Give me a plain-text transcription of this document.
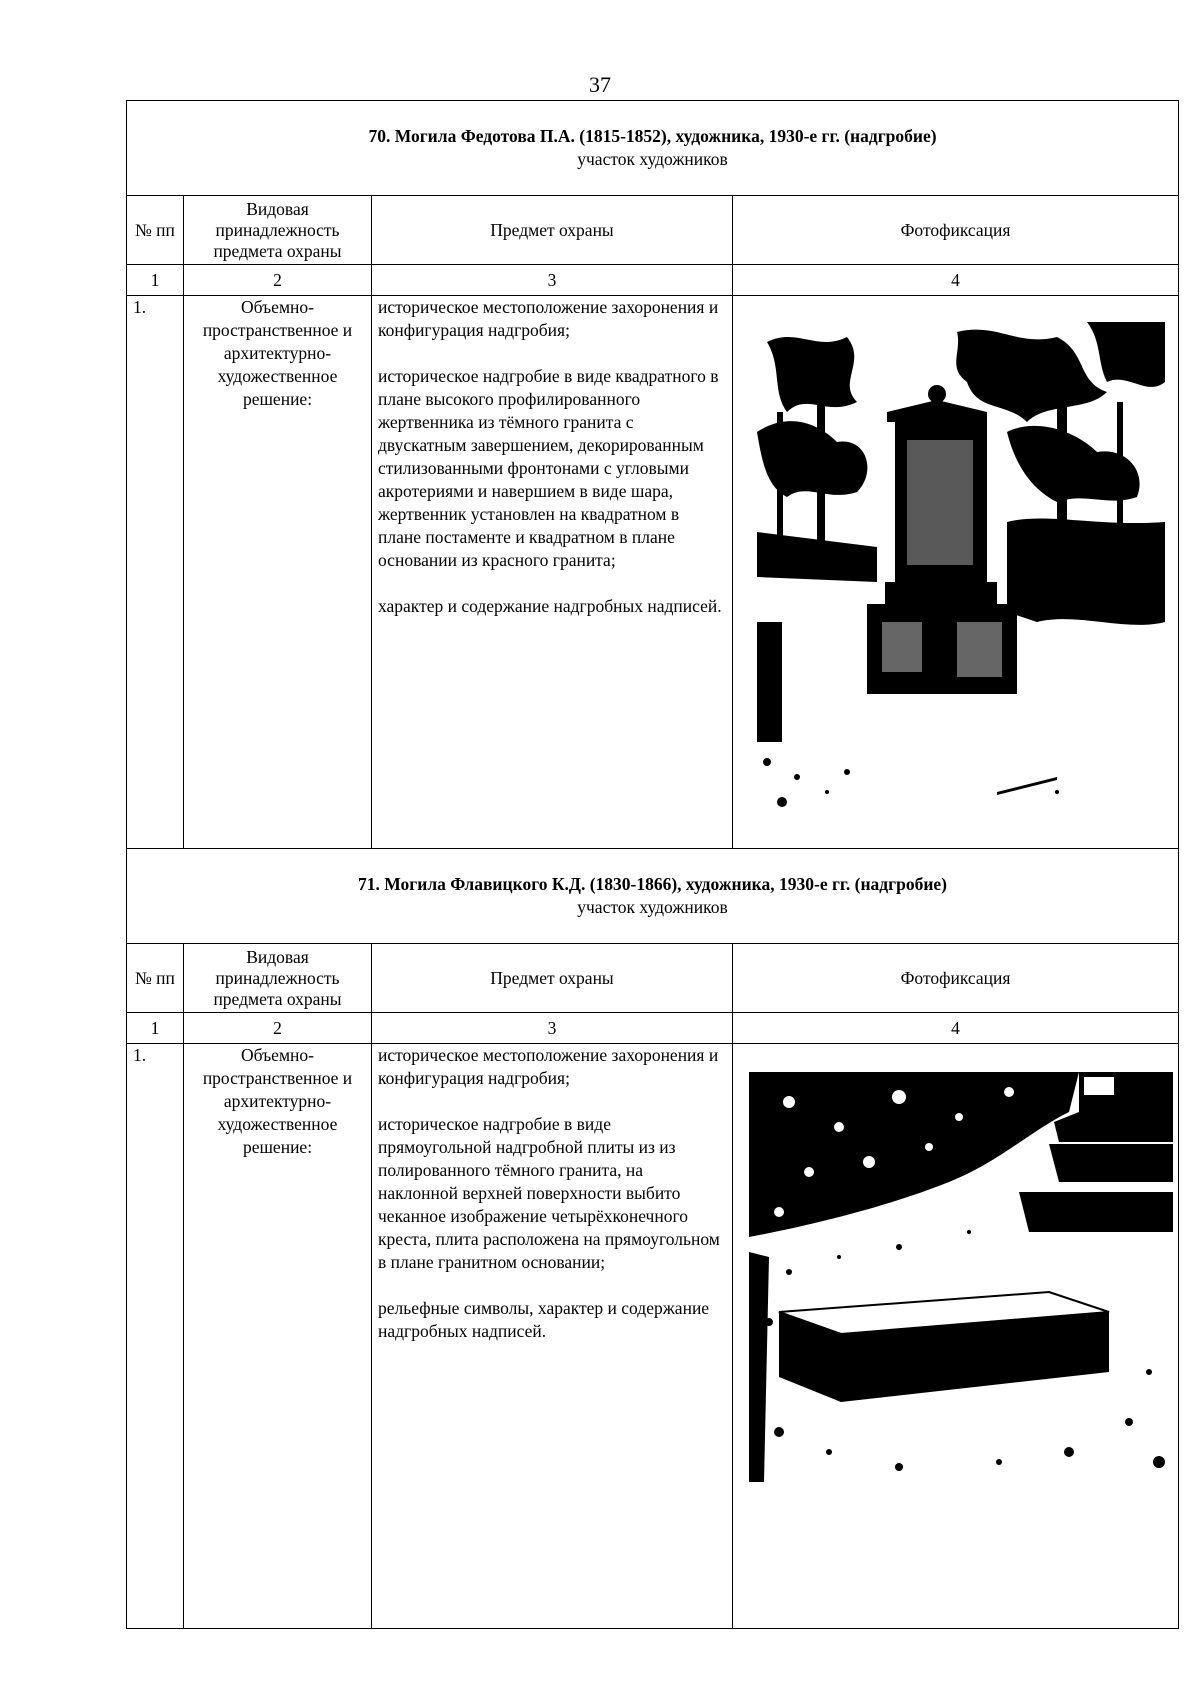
37
70. Могила Федотова П.А. (1815-1852), художника, 1930-е гг. (надгробие)
участок художников			

№ пп	Видовая принадлежность предмета охраны	Предмет охраны	Фотофиксация
1	2	3	4
1.	Объемно-пространственное и архитектурно-художественное решение:	историческое местоположение захоронения и конфигурация надгробия;

историческое надгробие в виде квадратного в плане высокого профилированного жертвенника из тёмного гранита с двускатным завершением, декорированным стилизованными фронтонами с угловыми акротериями и навершием в виде шара, жертвенник установлен на квадратном в плане постаменте и квадратном в плане основании из красного гранита;

характер и содержание надгробных надписей.

71. Могила Флавицкого К.Д. (1830-1866), художника, 1930-е гг. (надгробие)
участок художников			

№ пп	Видовая принадлежность предмета охраны	Предмет охраны	Фотофиксация
1	2	3	4
1.	Объемно-пространственное и архитектурно-художественное решение:	историческое местоположение захоронения и конфигурация надгробия;

историческое надгробие в виде прямоугольной надгробной плиты из из полированного тёмного гранита, на наклонной верхней поверхности выбито чеканное изображение четырёхконечного креста, плита расположена на прямоугольном в плане гранитном основании;

рельефные символы, характер и содержание надгробных надписей.
